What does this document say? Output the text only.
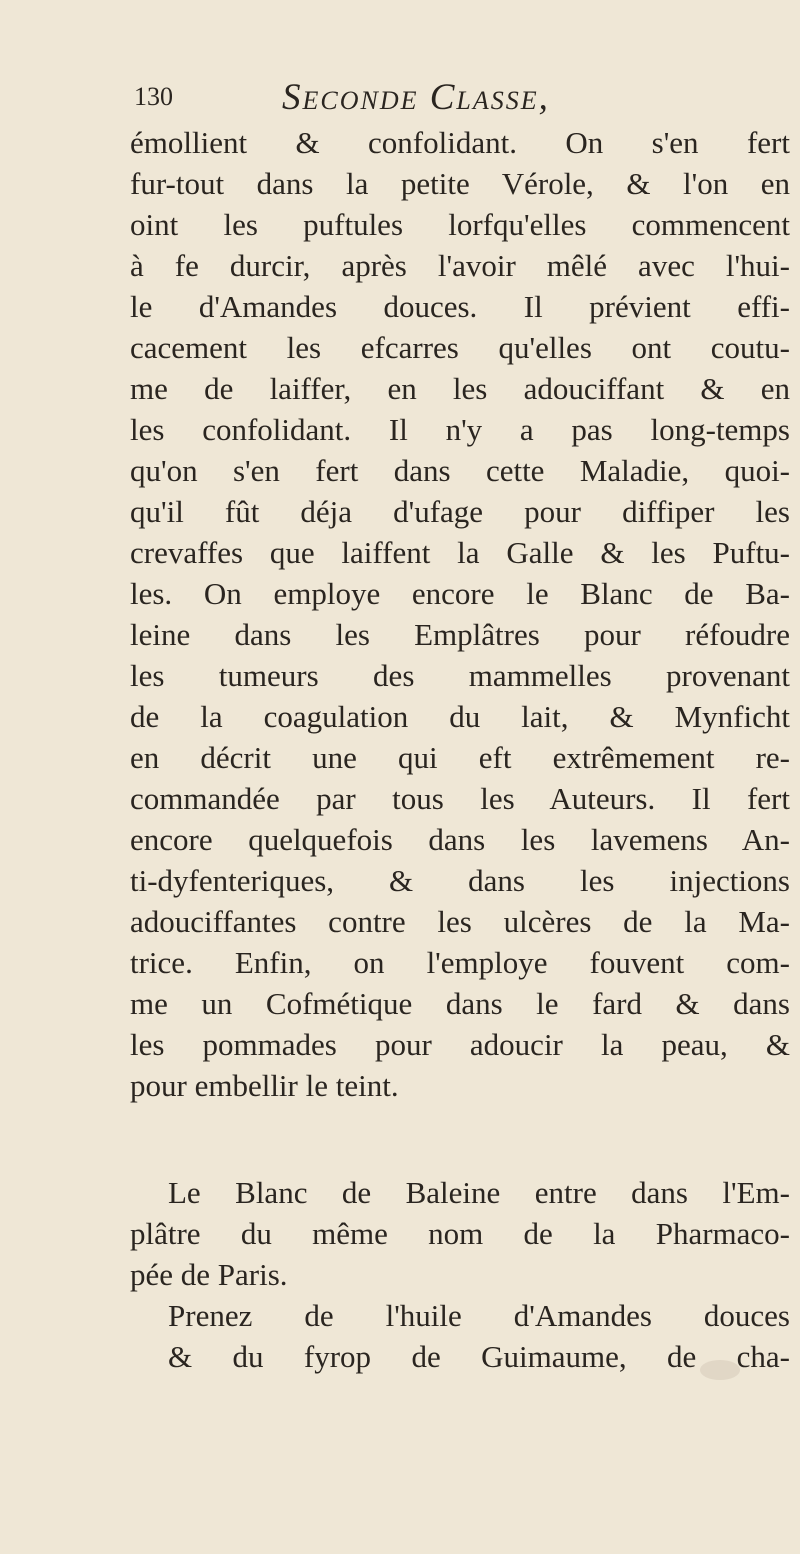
130	Seconde Classe,
émollient & confolidant. On s'en fert
fur-tout dans la petite Vérole, & l'on en
oint les puftules lorfqu'elles commencent
à fe durcir, après l'avoir mêlé avec l'hui-
le d'Amandes douces. Il prévient effi-
cacement les efcarres qu'elles ont coutu-
me de laiffer, en les adouciffant & en
les confolidant. Il n'y a pas long-temps
qu'on s'en fert dans cette Maladie, quoi-
qu'il fût déja d'ufage pour diffiper les
crevaffes que laiffent la Galle & les Puftu-
les. On employe encore le Blanc de Ba-
leine dans les Emplâtres pour réfoudre
les tumeurs des mammelles provenant
de la coagulation du lait, & Mynficht
en décrit une qui eft extrêmement re-
commandée par tous les Auteurs. Il fert
encore quelquefois dans les lavemens An-
ti-dyfenteriques, & dans les injections
adouciffantes contre les ulcères de la Ma-
trice. Enfin, on l'employe fouvent com-
me un Cofmétique dans le fard & dans
les pommades pour adoucir la peau, &
pour embellir le teint.
Le Blanc de Baleine entre dans l'Em-
plâtre du même nom de la Pharmaco-
pée de Paris.
Prenez de l'huile d'Amandes douces
& du fyrop de Guimaume, de cha-
